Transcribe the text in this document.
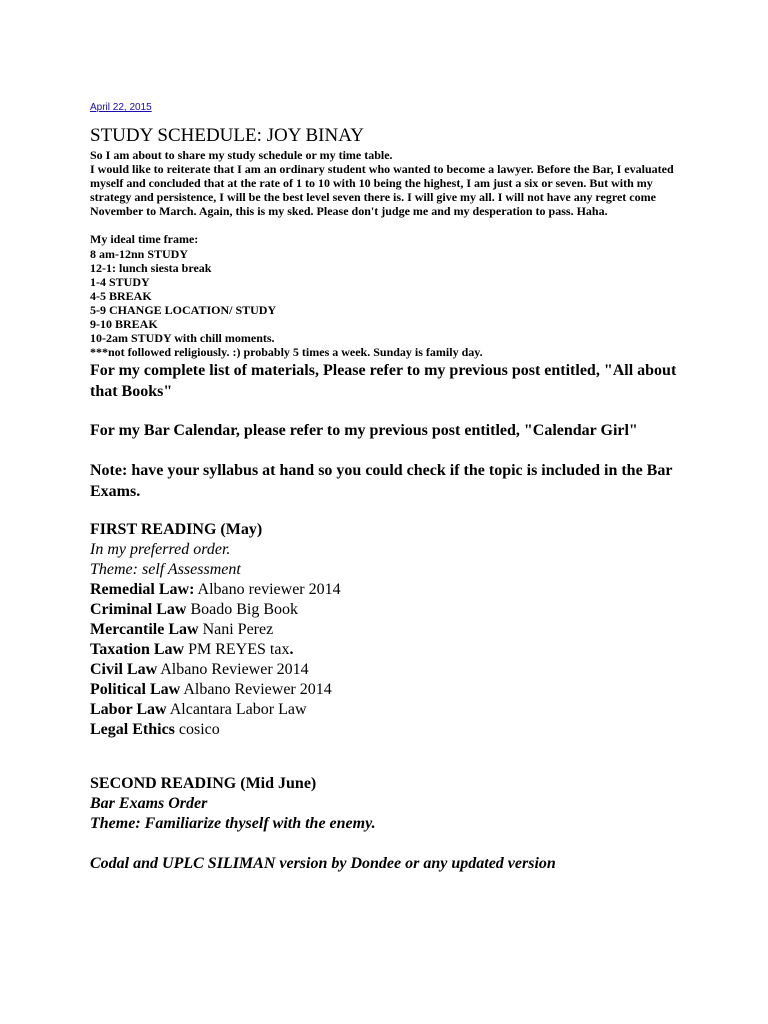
April 22, 2015
STUDY SCHEDULE: JOY BINAY

So I am about to share my study schedule or my time table.

I would like to reiterate that I am an ordinary student who wanted to become a lawyer. Before the Bar, I evaluated myself and concluded that at the rate of 1 to 10 with 10 being the highest, I am just a six or seven. But with my strategy and persistence, I will be the best level seven there is. I will give my all. I will not have any regret come November to March. Again, this is my sked. Please don't judge me and my desperation to pass. Haha.

My ideal time frame:

8 am-12nn STUDY

12-1: lunch siesta break

1-4 STUDY

4-5 BREAK

5-9 CHANGE LOCATION/ STUDY

9-10 BREAK

10-2am STUDY with chill moments.

***not followed religiously. :) probably 5 times a week. Sunday is family day.

For my complete list of materials, Please refer to my previous post entitled, "All about that Books"

For my Bar Calendar, please refer to my previous post entitled, "Calendar Girl"

Note: have your syllabus at hand so you could check if the topic is included in the Bar Exams.

FIRST READING (May)

In my preferred order.

Theme: self Assessment

Remedial Law: Albano reviewer 2014

Criminal Law Boado Big Book

Mercantile Law Nani Perez

Taxation Law PM REYES tax.

Civil Law Albano Reviewer 2014

Political Law Albano Reviewer 2014

Labor Law Alcantara Labor Law

Legal Ethics cosico

SECOND READING (Mid June)

Bar Exams Order

Theme: Familiarize thyself with the enemy.

Codal and UPLC SILIMAN version by Dondee or any updated version
